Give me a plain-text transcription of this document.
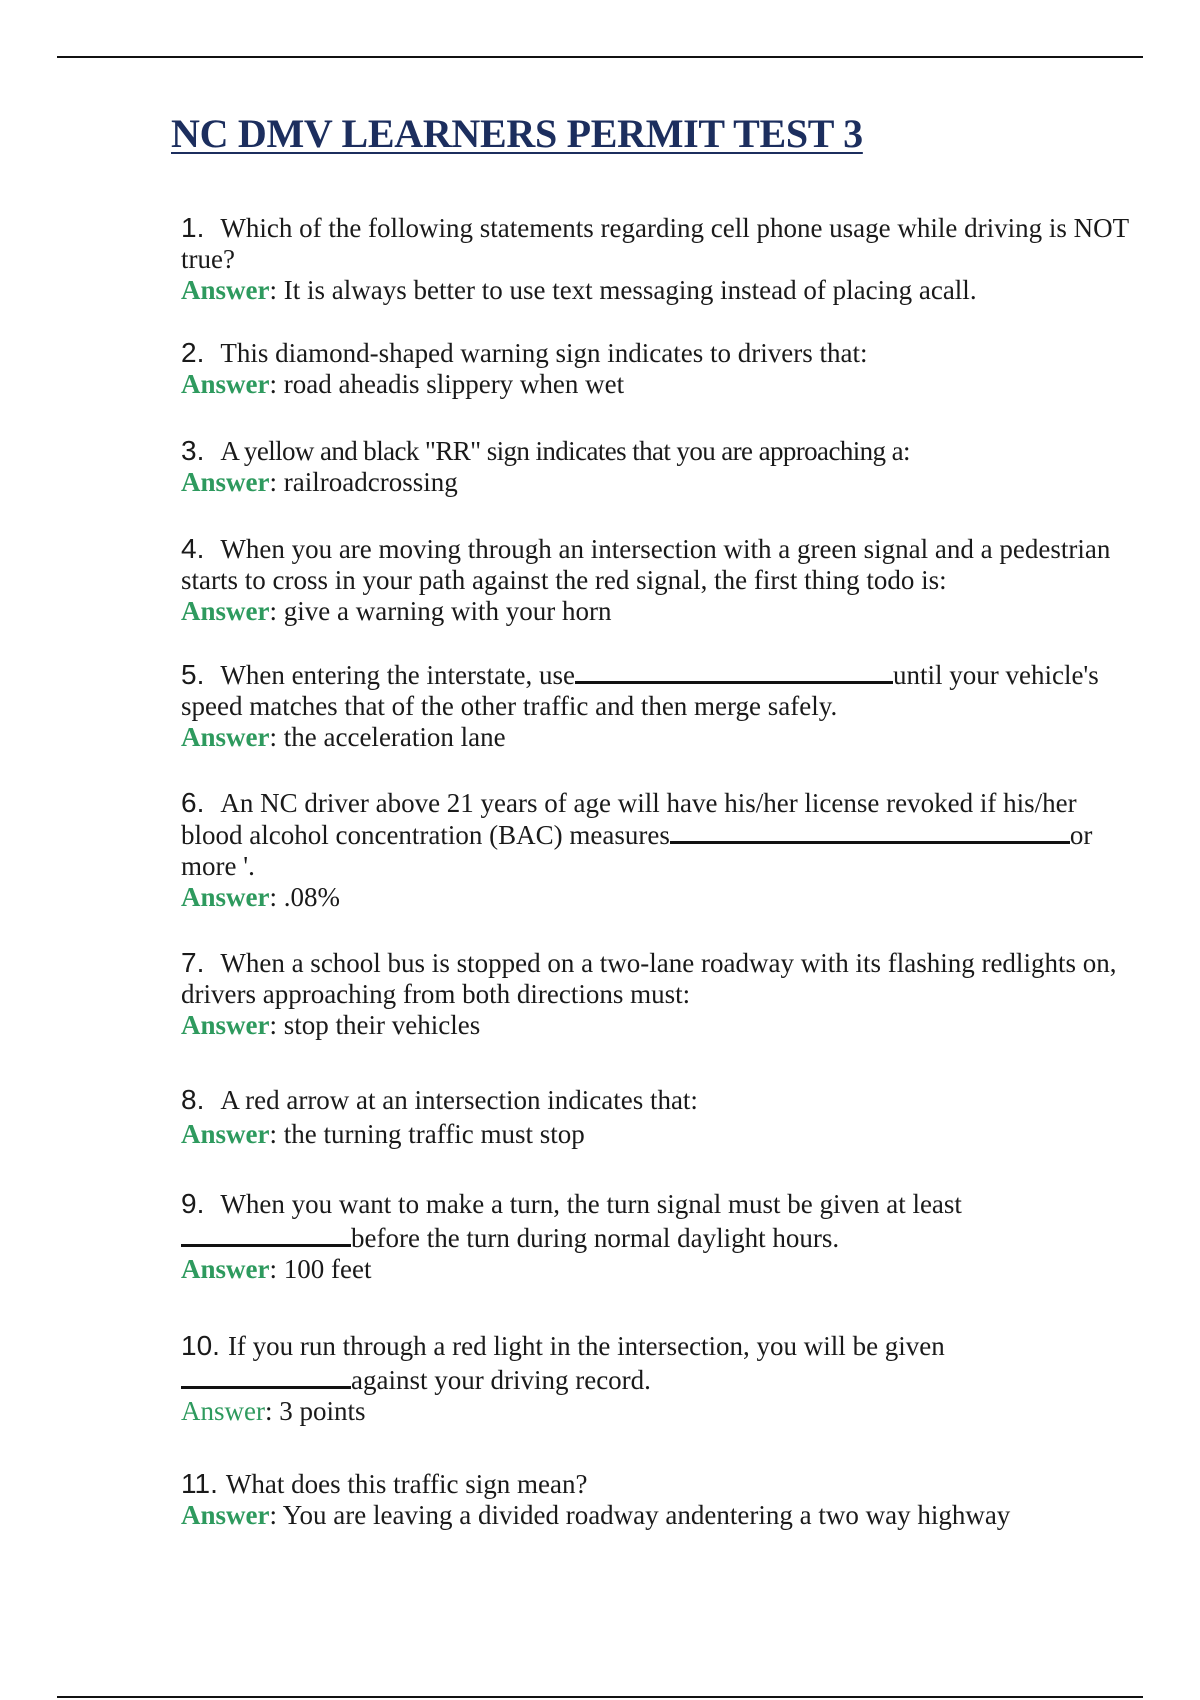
NC DMV LEARNERS PERMIT TEST 3
1. Which of the following statements regarding cell phone usage while driving is NOT true?
Answer: It is always better to use text messaging instead of placing acall.
2. This diamond-shaped warning sign indicates to drivers that:
Answer: road aheadis slippery when wet
3. A yellow and black "RR" sign indicates that you are approaching a:
Answer: railroadcrossing
4. When you are moving through an intersection with a green signal and a pedestrian starts to cross in your path against the red signal, the first thing todo is:
Answer: give a warning with your horn
5. When entering the interstate, use	until your vehicle's speed matches that of the other traffic and then merge safely.
Answer: the acceleration lane
6. An NC driver above 21 years of age will have his/her license revoked if his/her blood alcohol concentration (BAC) measures	or more '.
Answer: .08%
7. When a school bus is stopped on a two-lane roadway with its flashing redlights on, drivers approaching from both directions must:
Answer: stop their vehicles
8. A red arrow at an intersection indicates that:
Answer: the turning traffic must stop
9. When you want to make a turn, the turn signal must be given at least
before the turn during normal daylight hours.
Answer: 100 feet
10. If you run through a red light in the intersection, you will be given
against your driving record.
Answer: 3 points
11. What does this traffic sign mean?
Answer: You are leaving a divided roadway andentering a two way highway
